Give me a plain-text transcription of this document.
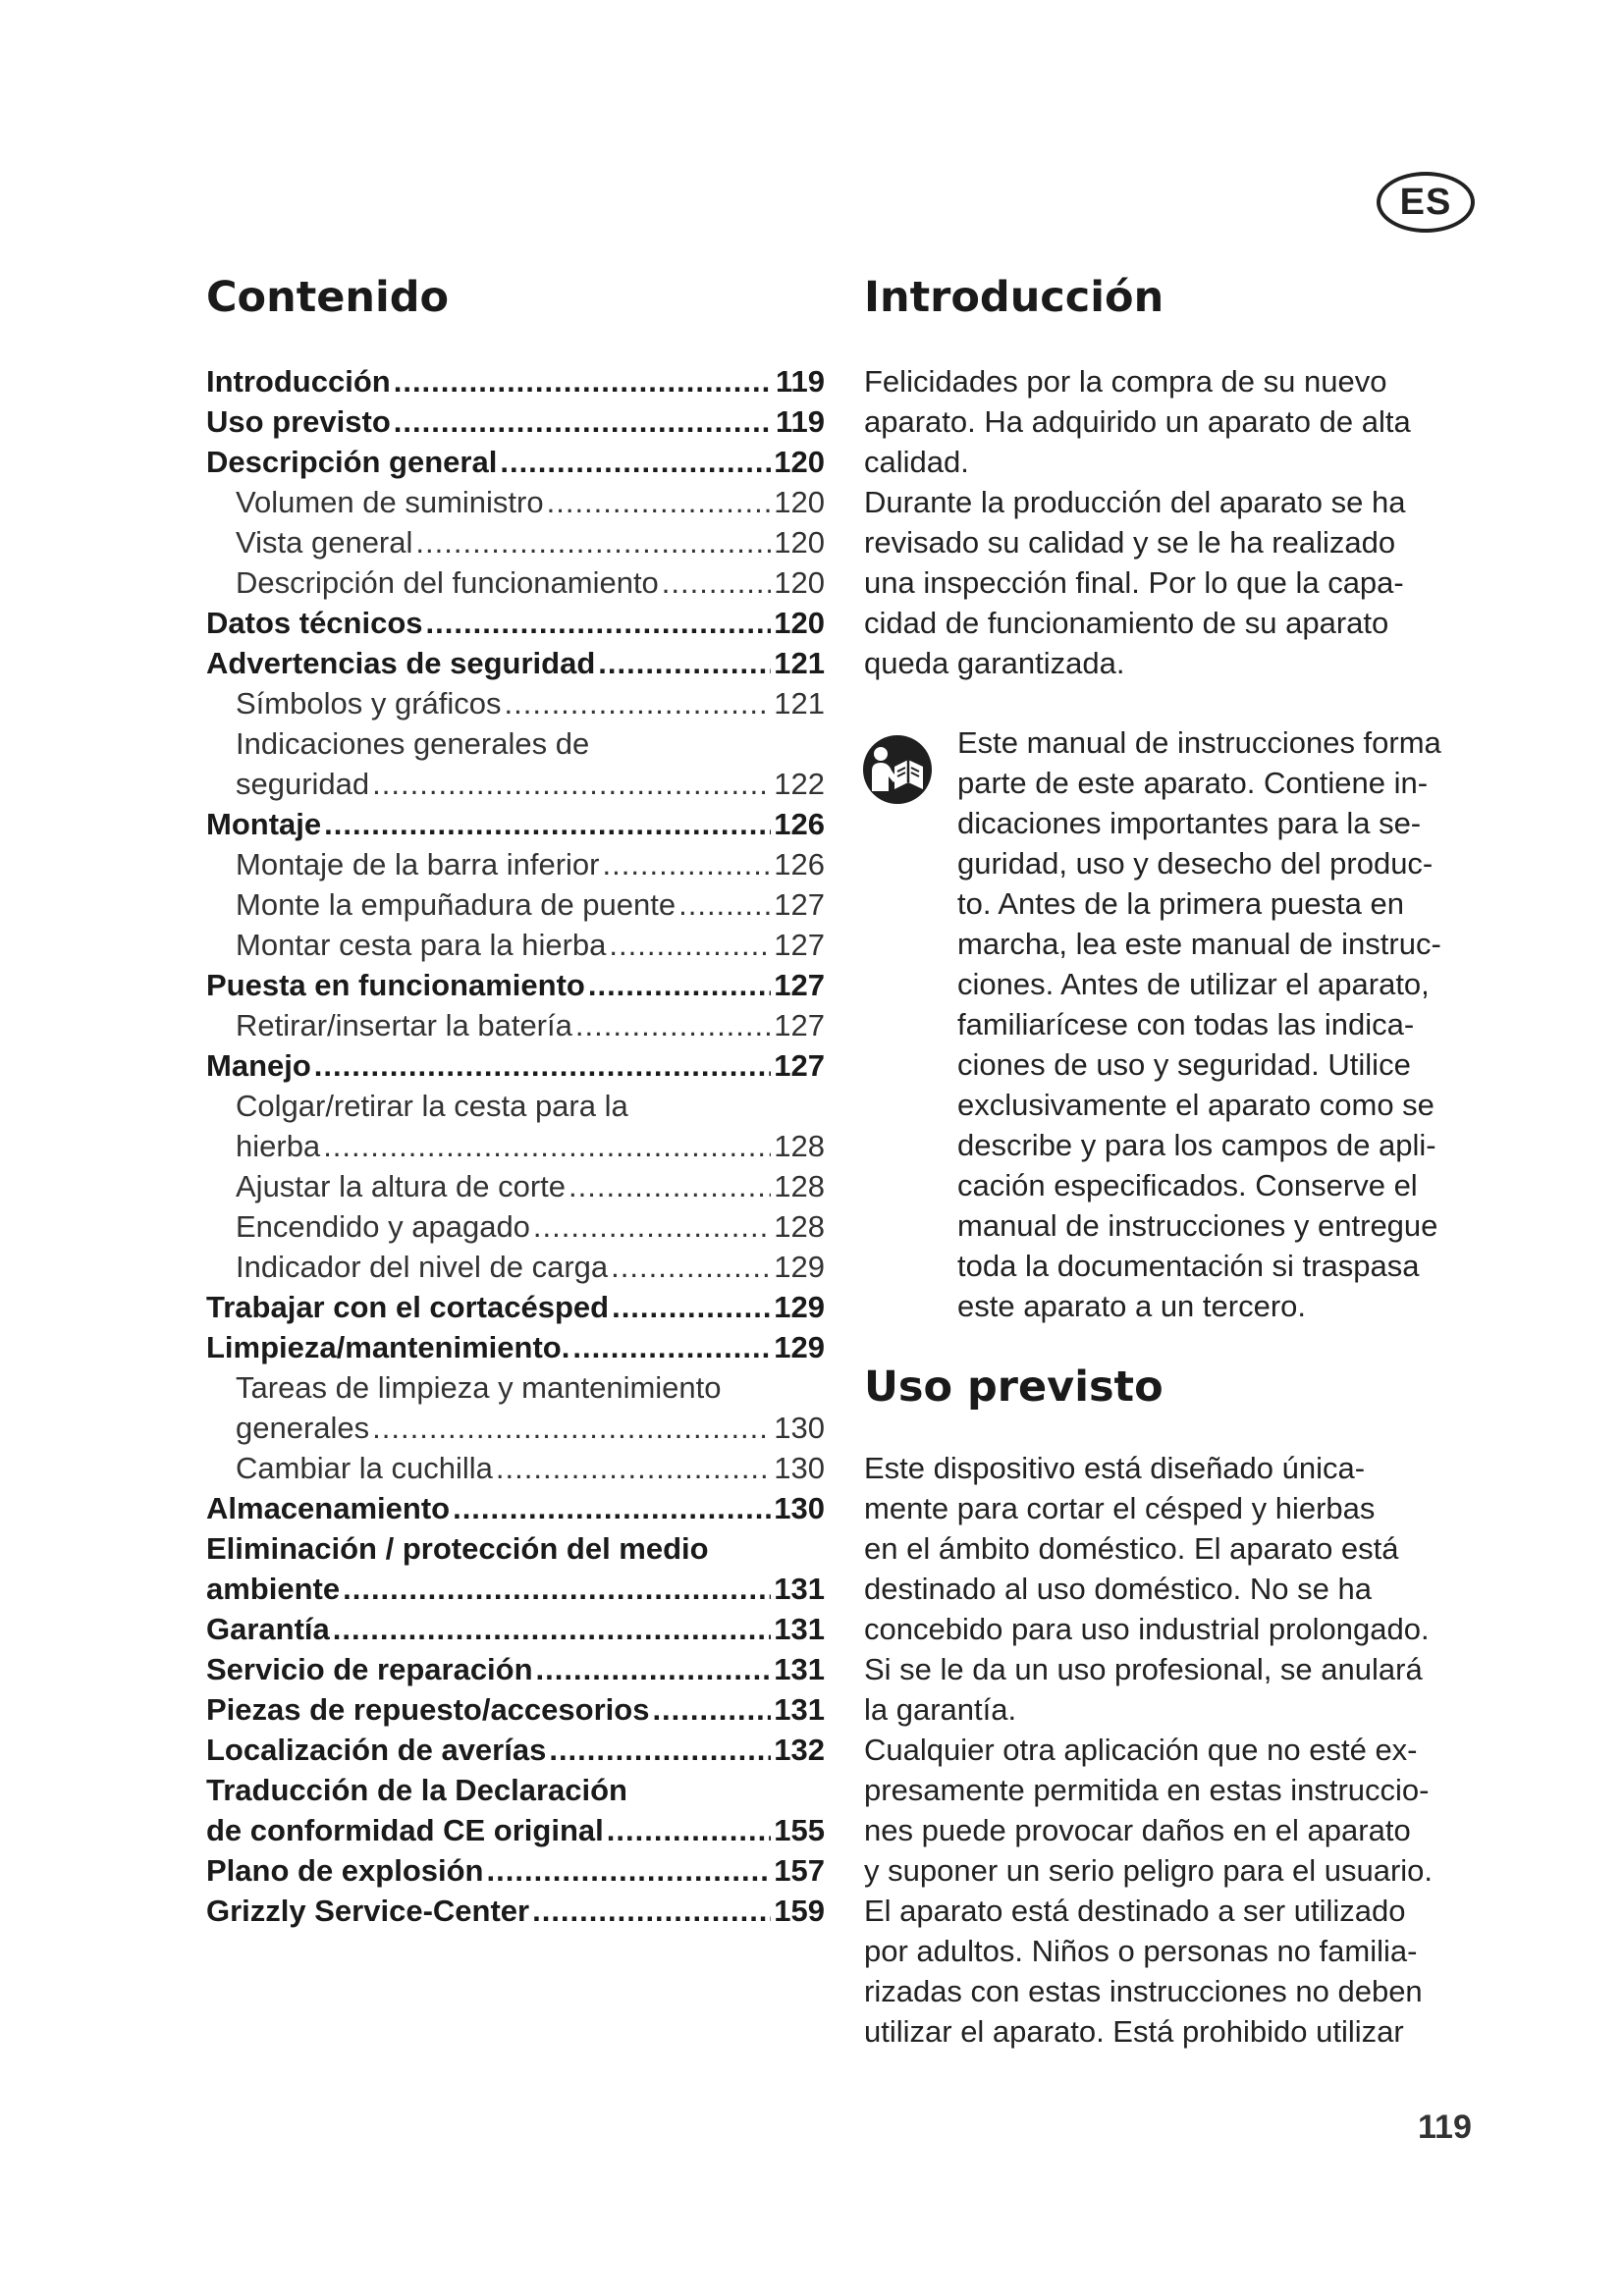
ES
Contenido
Introducción .....	119
Uso previsto .....	119
Descripción general .....	120
Volumen de suministro .....	120
Vista general .....	120
Descripción del funcionamiento .....	120
Datos técnicos .....	120
Advertencias de seguridad .....	121
Símbolos y gráficos .....	121
Indicaciones generales de
seguridad .....	122
Montaje .....	126
Montaje de la barra inferior .....	126
Monte la empuñadura de puente .....	127
Montar cesta para la hierba .....	127
Puesta en funcionamiento .....	127
Retirar/insertar la batería .....	127
Manejo .....	127
Colgar/retirar la cesta para la
hierba .....	128
Ajustar la altura de corte .....	128
Encendido y apagado .....	128
Indicador del nivel de carga .....	129
Trabajar con el cortacésped .....	129
Limpieza/mantenimiento. .....	129
Tareas de limpieza y mantenimiento
generales .....	130
Cambiar la cuchilla .....	130
Almacenamiento .....	130
Eliminación / protección del medio
ambiente .....	131
Garantía .....	131
Servicio de reparación .....	131
Piezas de repuesto/accesorios .....	131
Localización de averías .....	132
Traducción de la Declaración
de conformidad CE original .....	155
Plano de explosión .....	157
Grizzly Service-Center .....	159
Introducción
Felicidades por la compra de su nuevo
aparato. Ha adquirido un aparato de alta
calidad.
Durante la producción del aparato se ha
revisado su calidad y se le ha realizado
una inspección final. Por lo que la capa-
cidad de funcionamiento de su aparato
queda garantizada.
Este manual de instrucciones forma
parte de este aparato. Contiene in-
dicaciones importantes para la se-
guridad, uso y desecho del produc-
to. Antes de la primera puesta en
marcha, lea este manual de instruc-
ciones. Antes de utilizar el aparato,
familiarícese con todas las indica-
ciones de uso y seguridad. Utilice
exclusivamente el aparato como se
describe y para los campos de apli-
cación especificados. Conserve el
manual de instrucciones y entregue
toda la documentación si traspasa
este aparato a un tercero.
Uso previsto
Este dispositivo está diseñado única-
mente para cortar el césped y hierbas
en el ámbito doméstico. El aparato está
destinado al uso doméstico. No se ha
concebido para uso industrial prolongado.
Si se le da un uso profesional, se anulará
la garantía.
Cualquier otra aplicación que no esté ex-
presamente permitida en estas instruccio-
nes puede provocar daños en el aparato
y suponer un serio peligro para el usuario.
El aparato está destinado a ser utilizado
por adultos. Niños o personas no familia-
rizadas con estas instrucciones no deben
utilizar el aparato. Está prohibido utilizar
119
